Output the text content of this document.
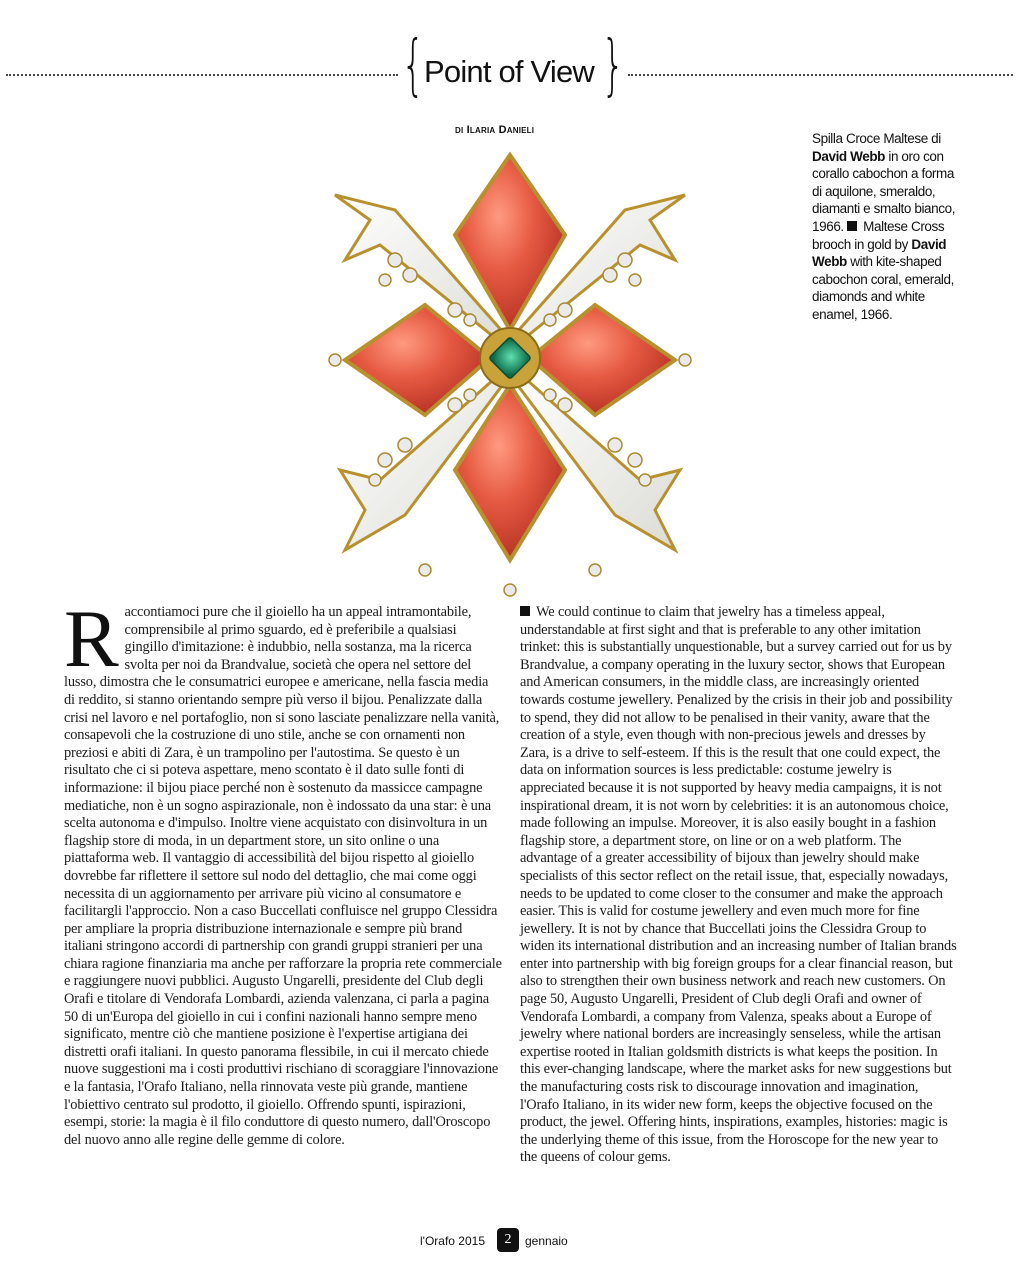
{ Point of View }
DI Ilaria Danieli
Spilla Croce Maltese di David Webb in oro con corallo cabochon a forma di aquilone, smeraldo, diamanti e smalto bianco, 1966. Maltese Cross brooch in gold by David Webb with kite-shaped cabochon coral, emerald, diamonds and white enamel, 1966.
Raccontiamoci pure che il gioiello ha un appeal intramontabile, comprensibile al primo sguardo, ed è preferibile a qualsiasi gingillo d'imitazione: è indubbio, nella sostanza, ma la ricerca svolta per noi da Brandvalue, società che opera nel settore del lusso, dimostra che le consumatrici europee e americane, nella fascia media di reddito, si stanno orientando sempre più verso il bijou. Penalizzate dalla crisi nel lavoro e nel portafoglio, non si sono lasciate penalizzare nella vanità, consapevoli che la costruzione di uno stile, anche se con ornamenti non preziosi e abiti di Zara, è un trampolino per l'autostima. Se questo è un risultato che ci si poteva aspettare, meno scontato è il dato sulle fonti di informazione: il bijou piace perché non è sostenuto da massicce campagne mediatiche, non è un sogno aspirazionale, non è indossato da una star: è una scelta autonoma e d'impulso. Inoltre viene acquistato con disinvoltura in un flagship store di moda, in un department store, un sito online o una piattaforma web. Il vantaggio di accessibilità del bijou rispetto al gioiello dovrebbe far riflettere il settore sul nodo del dettaglio, che mai come oggi necessita di un aggiornamento per arrivare più vicino al consumatore e facilitargli l'approccio. Non a caso Buccellati confluisce nel gruppo Clessidra per ampliare la propria distribuzione internazionale e sempre più brand italiani stringono accordi di partnership con grandi gruppi stranieri per una chiara ragione finanziaria ma anche per rafforzare la propria rete commerciale e raggiungere nuovi pubblici. Augusto Ungarelli, presidente del Club degli Orafi e titolare di Vendorafa Lombardi, azienda valenzana, ci parla a pagina 50 di un'Europa del gioiello in cui i confini nazionali hanno sempre meno significato, mentre ciò che mantiene posizione è l'expertise artigiana dei distretti orafi italiani. In questo panorama flessibile, in cui il mercato chiede nuove suggestioni ma i costi produttivi rischiano di scoraggiare l'innovazione e la fantasia, l'Orafo Italiano, nella rinnovata veste più grande, mantiene l'obiettivo centrato sul prodotto, il gioiello. Offrendo spunti, ispirazioni, esempi, storie: la magia è il filo conduttore di questo numero, dall'Oroscopo del nuovo anno alle regine delle gemme di colore.
We could continue to claim that jewelry has a timeless appeal, understandable at first sight and that is preferable to any other imitation trinket: this is substantially unquestionable, but a survey carried out for us by Brandvalue, a company operating in the luxury sector, shows that European and American consumers, in the middle class, are increasingly oriented towards costume jewellery. Penalized by the crisis in their job and possibility to spend, they did not allow to be penalised in their vanity, aware that the creation of a style, even though with non-precious jewels and dresses by Zara, is a drive to self-esteem. If this is the result that one could expect, the data on information sources is less predictable: costume jewelry is appreciated because it is not supported by heavy media campaigns, it is not inspirational dream, it is not worn by celebrities: it is an autonomous choice, made following an impulse. Moreover, it is also easily bought in a fashion flagship store, a department store, on line or on a web platform. The advantage of a greater accessibility of bijoux than jewelry should make specialists of this sector reflect on the retail issue, that, especially nowadays, needs to be updated to come closer to the consumer and make the approach easier. This is valid for costume jewellery and even much more for fine jewellery. It is not by chance that Buccellati joins the Clessidra Group to widen its international distribution and an increasing number of Italian brands enter into partnership with big foreign groups for a clear financial reason, but also to strengthen their own business network and reach new customers. On page 50, Augusto Ungarelli, President of Club degli Orafi and owner of Vendorafa Lombardi, a company from Valenza, speaks about a Europe of jewelry where national borders are increasingly senseless, while the artisan expertise rooted in Italian goldsmith districts is what keeps the position. In this ever-changing landscape, where the market asks for new suggestions but the manufacturing costs risk to discourage innovation and imagination, l'Orafo Italiano, in its wider new form, keeps the objective focused on the product, the jewel. Offering hints, inspirations, examples, histories: magic is the underlying theme of this issue, from the Horoscope for the new year to the queens of colour gems.
l'Orafo 2015	2	gennaio
